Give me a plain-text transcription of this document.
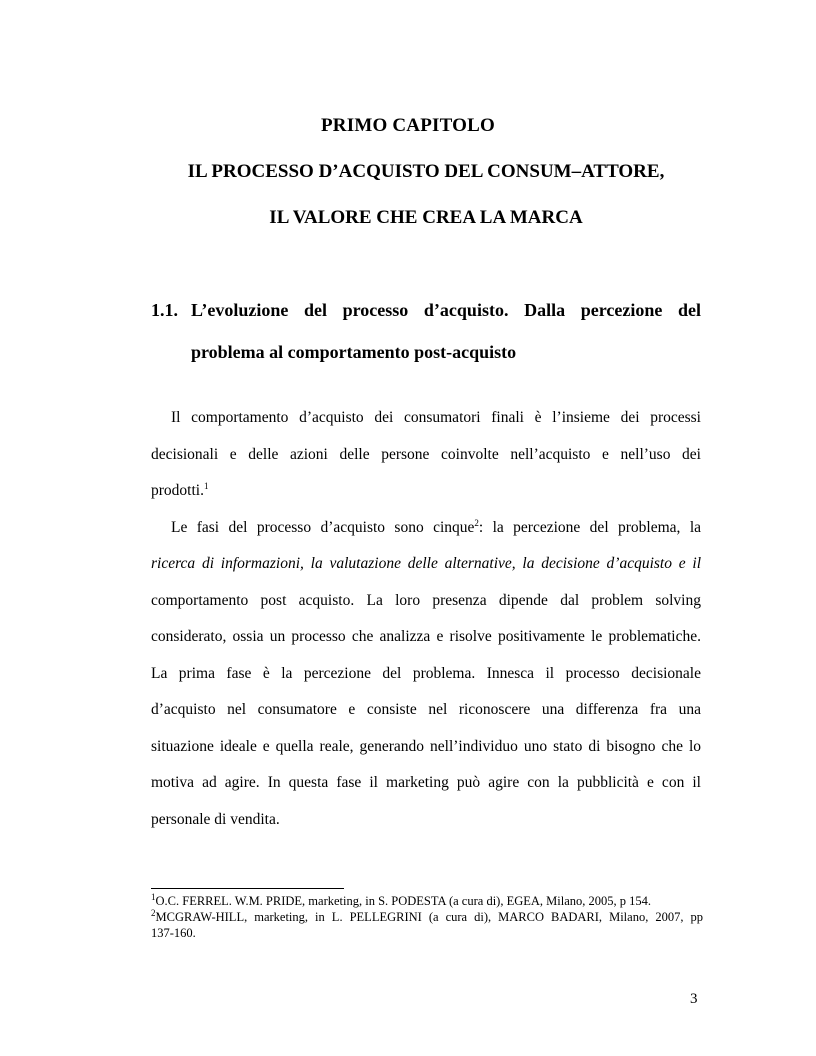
PRIMO CAPITOLO
IL PROCESSO D’ACQUISTO DEL CONSUM–ATTORE,
IL VALORE CHE CREA LA MARCA
1.1. L’evoluzione del processo d’acquisto. Dalla percezione del
problema al comportamento post-acquisto
Il comportamento d’acquisto dei consumatori finali è l’insieme dei processi
decisionali e delle azioni delle persone coinvolte nell’acquisto e nell’uso dei
prodotti.$^1$
Le fasi del processo d’acquisto sono cinque$^2$: la percezione del problema, la
ricerca di informazioni, la valutazione delle alternative, la decisione d’acquisto e il
comportamento post acquisto. La loro presenza dipende dal problem solving
considerato, ossia un processo che analizza e risolve positivamente le problematiche.
La prima fase è la percezione del problema. Innesca il processo decisionale
d’acquisto nel consumatore e consiste nel riconoscere una differenza fra una
situazione ideale e quella reale, generando nell’individuo uno stato di bisogno che lo
motiva ad agire. In questa fase il marketing può agire con la pubblicità e con il
personale di vendita.
$^1$O.C. FERREL. W.M. PRIDE, marketing, in S. PODESTA (a cura di), EGEA, Milano, 2005, p 154.
$^2$MCGRAW-HILL, marketing, in L. PELLEGRINI (a cura di), MARCO BADARI, Milano, 2007, pp
137-160.
3
